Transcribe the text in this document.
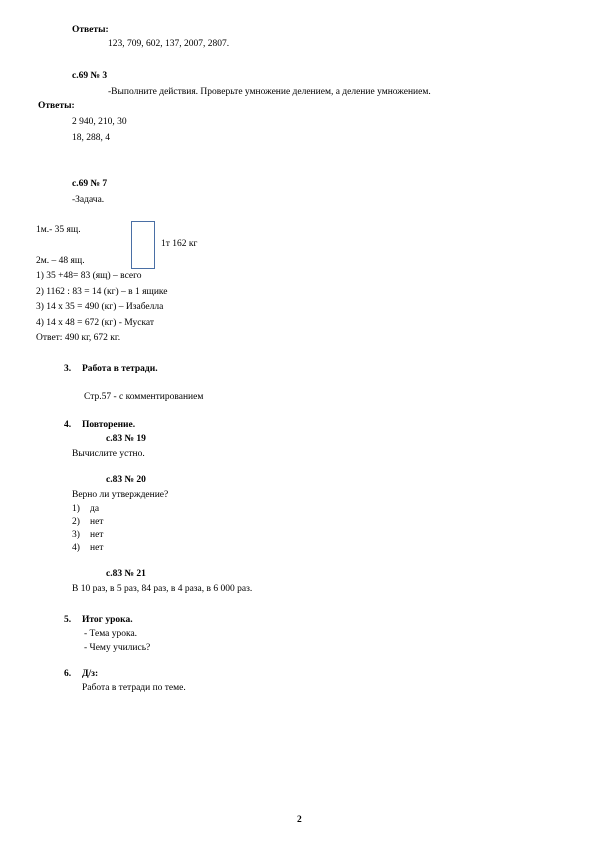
Ответы:
123, 709, 602, 137, 2007, 2807.
с.69 № 3
-Выполните действия. Проверьте умножение делением, а деление умножением.
Ответы:
2 940, 210, 30
18, 288, 4
с.69 № 7
-Задача.
1м.- 35 ящ.
1т 162 кг
2м. – 48 ящ.
1) 35 +48= 83 (ящ) – всего
2) 1162 : 83 = 14 (кг) – в 1 ящике
3) 14 х 35 = 490 (кг) – Изабелла
4) 14 х 48 = 672 (кг) - Мускат
Ответ: 490 кг, 672 кг.
3. Работа в тетради.
Стр.57 - с комментированием
4. Повторение.
с.83 № 19
Вычислите устно.
с.83 № 20
Верно ли утверждение?
1) да
2) нет
3) нет
4) нет
с.83 № 21
В 10 раз, в 5 раз, 84 раз, в 4 раза, в 6 000 раз.
5. Итог урока.
- Тема урока.
- Чему учились?
6. Д/з:
Работа в тетради по теме.
2
